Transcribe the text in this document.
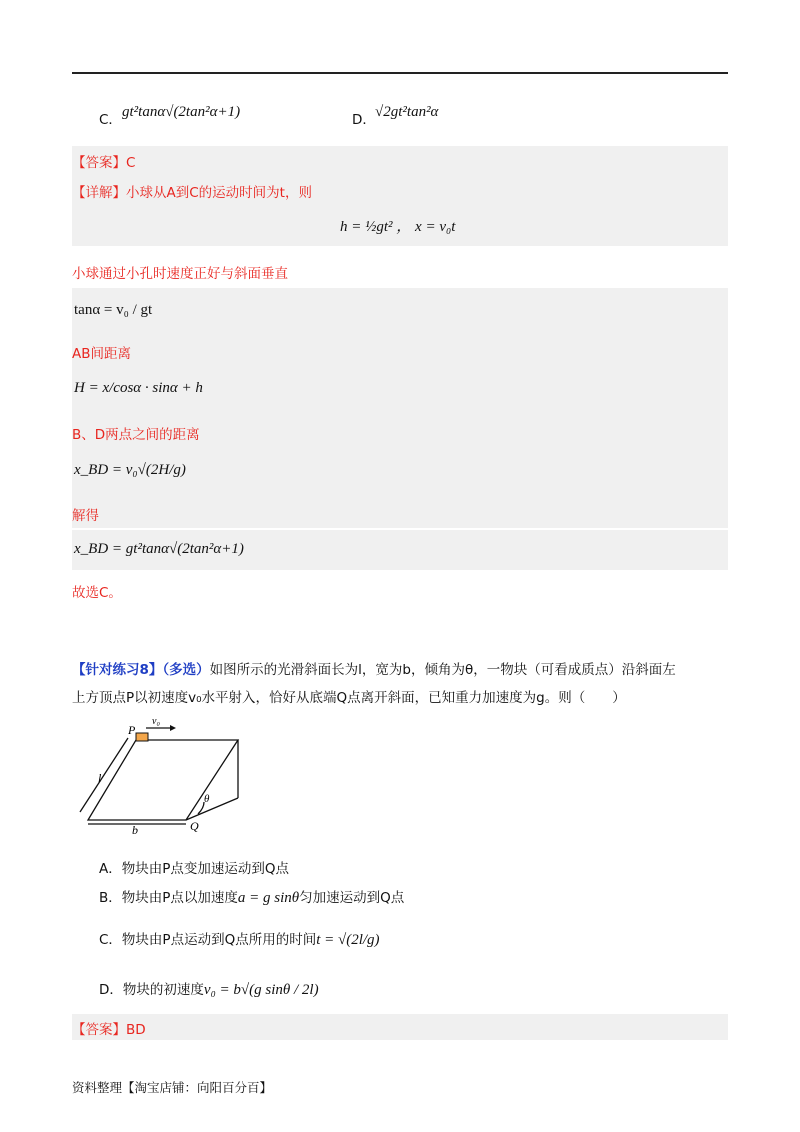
C． gt²tanα√(2tan²α+1)	D． √2gt²tan²α
【答案】C
【详解】小球从A到C的运动时间为t，则
h = ½gt² ， x = v₀t
小球通过小孔时速度正好与斜面垂直
tanα = v₀ / gt
AB间距离
H = x/cosα · sinα + h
B、D两点之间的距离
x_BD = v₀√(2H/g)
解得
x_BD = gt²tanα√(2tan²α+1)
故选C。
【针对练习8】（多选）如图所示的光滑斜面长为l，宽为b，倾角为θ，一物块（可看成质点）沿斜面左
上方顶点P以初速度v₀水平射入，恰好从底端Q点离开斜面，已知重力加速度为g。则（　　）
P
v₀
l
b	Q
θ
A．物块由P点变加速运动到Q点
B．物块由P点以加速度a = g sinθ匀加速运动到Q点
C．物块由P点运动到Q点所用的时间t = √(2l/g)
D．物块的初速度v₀ = b√(g sinθ / 2l)
【答案】BD
资料整理【淘宝店铺：向阳百分百】
